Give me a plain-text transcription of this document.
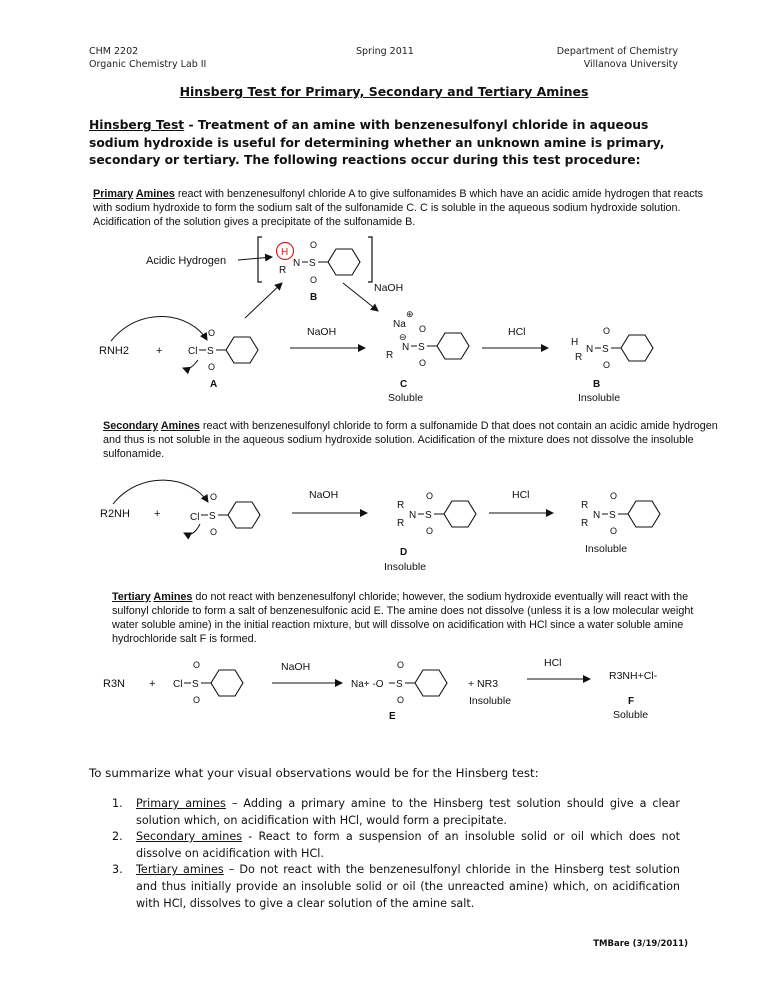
CHM 2202
Organic Chemistry Lab II
Spring 2011	Department of Chemistry
Villanova University
Hinsberg Test for Primary, Secondary and Tertiary Amines
Hinsberg Test - Treatment of an amine with benzenesulfonyl chloride in aqueous sodium hydroxide is useful for determining whether an unknown amine is primary, secondary or tertiary. The following reactions occur during this test procedure:
Primary Amines react with benzenesulfonyl chloride A to give sulfonamides B which have an acidic amide hydrogen that reacts with sodium hydroxide to form the sodium salt of the sulfonamide C. C is soluble in the aqueous sodium hydroxide solution. Acidification of the solution gives a precipitate of the sulfonamide B.
Secondary Amines react with benzenesulfonyl chloride to form a sulfonamide D that does not contain an acidic amide hydrogen and thus is not soluble in the aqueous sodium hydroxide solution. Acidification of the mixture does not dissolve the insoluble sulfonamide.
Tertiary Amines do not react with benzenesulfonyl chloride; however, the sodium hydroxide eventually will react with the sulfonyl chloride to form a salt of benzenesulfonic acid E. The amine does not dissolve (unless it is a low molecular weight water soluble amine) in the initial reaction mixture, but will dissolve on acidification with HCl since a water soluble amine hydrochloride salt F is formed.
Acidic Hydrogen
H
R
N S
O
O
B
NaOH
RNH2 +	Cl S
O
O
A
NaOH
⊕
Na
⊖
N
R
S
O
O
C
Soluble
HCl
H
R
N S
O
O
B
Insoluble
R2NH +	Cl S
O
O
NaOH
R
R
N S
O
O
D
Insoluble
HCl
R
R
N S
O
O
Insoluble
R3N + Cl S
O
O
NaOH
Na+ -O S
O
O
E
+ NR3
Insoluble
HCl
R3NH+Cl-
F
Soluble
To summarize what your visual observations would be for the Hinsberg test:
1. Primary amines – Adding a primary amine to the Hinsberg test solution should give a clear solution which, on acidification with HCl, would form a precipitate.
2. Secondary amines - React to form a suspension of an insoluble solid or oil which does not dissolve on acidification with HCl.
3. Tertiary amines – Do not react with the benzenesulfonyl chloride in the Hinsberg test solution and thus initially provide an insoluble solid or oil (the unreacted amine) which, on acidification with HCl, dissolves to give a clear solution of the amine salt.
TMBare (3/19/2011)
